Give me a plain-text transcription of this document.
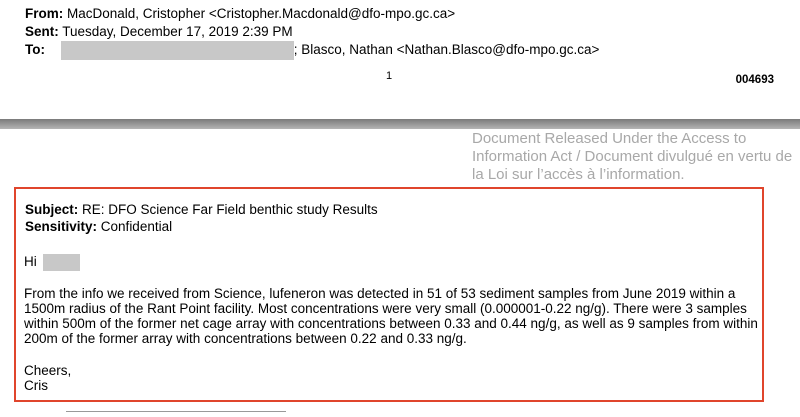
From: MacDonald, Cristopher <Cristopher.Macdonald@dfo-mpo.gc.ca>
Sent: Tuesday, December 17, 2019 2:39 PM
To:	; Blasco, Nathan <Nathan.Blasco@dfo-mpo.gc.ca>
1	004693
Document Released Under the Access to Information Act / Document divulgué en vertu de la Loi sur l’accès à l’information.
Subject: RE: DFO Science Far Field benthic study Results
Sensitivity: Confidential
Hi
From the info we received from Science, lufeneron was detected in 51 of 53 sediment samples from June 2019 within a 1500m radius of the Rant Point facility. Most concentrations were very small (0.000001-0.22 ng/g). There were 3 samples within 500m of the former net cage array with concentrations between 0.33 and 0.44 ng/g, as well as 9 samples from within 200m of the former array with concentrations between 0.22 and 0.33 ng/g.
Cheers,
Cris
